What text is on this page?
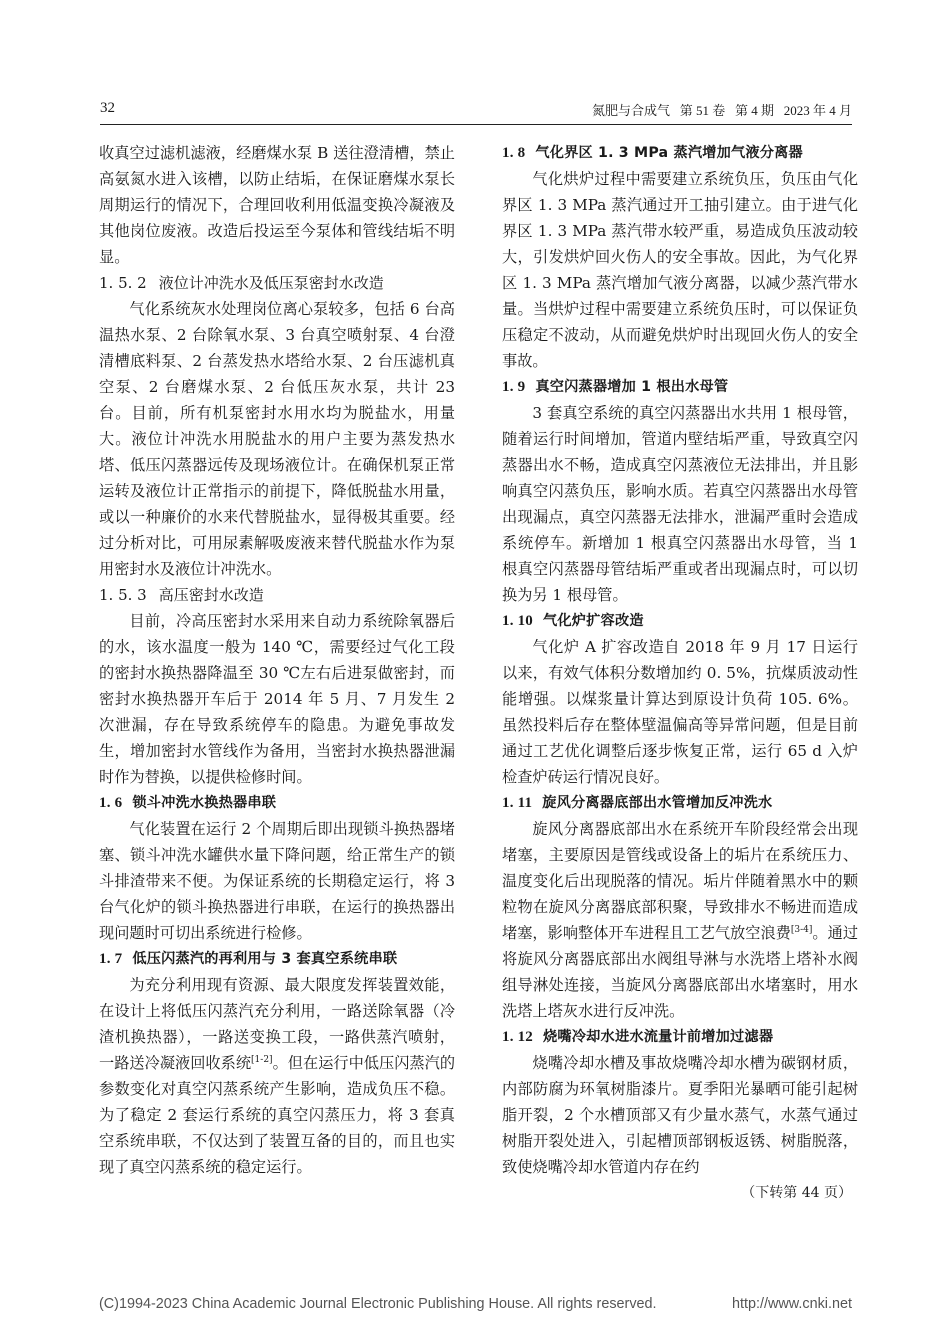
32	氮肥与合成气 第 51 卷 第 4 期 2023 年 4 月

收真空过滤机滤液，经磨煤水泵 B 送往澄清槽，禁止高氨氮水进入该槽，以防止结垢，在保证磨煤水泵长周期运行的情况下，合理回收利用低温变换冷凝液及其他岗位废液。改造后投运至今泵体和管线结垢不明显。

1. 5. 2 液位计冲洗水及低压泵密封水改造

气化系统灰水处理岗位离心泵较多，包括 6 台高温热水泵、2 台除氧水泵、3 台真空喷射泵、4 台澄清槽底料泵、2 台蒸发热水塔给水泵、2 台压滤机真空泵、2 台磨煤水泵、2 台低压灰水泵，共计 23 台。目前，所有机泵密封水用水均为脱盐水，用量大。液位计冲洗水用脱盐水的用户主要为蒸发热水塔、低压闪蒸器远传及现场液位计。在确保机泵正常运转及液位计正常指示的前提下，降低脱盐水用量，或以一种廉价的水来代替脱盐水，显得极其重要。经过分析对比，可用尿素解吸废液来替代脱盐水作为泵用密封水及液位计冲洗水。

1. 5. 3 高压密封水改造

目前，冷高压密封水采用来自动力系统除氧器后的水，该水温度一般为 140 ℃，需要经过气化工段的密封水换热器降温至 30 ℃左右后进泵做密封，而密封水换热器开车后于 2014 年 5 月、7 月发生 2 次泄漏，存在导致系统停车的隐患。为避免事故发生，增加密封水管线作为备用，当密封水换热器泄漏时作为替换，以提供检修时间。

1. 6 锁斗冲洗水换热器串联

气化装置在运行 2 个周期后即出现锁斗换热器堵塞、锁斗冲洗水罐供水量下降问题，给正常生产的锁斗排渣带来不便。为保证系统的长期稳定运行，将 3 台气化炉的锁斗换热器进行串联，在运行的换热器出现问题时可切出系统进行检修。

1. 7 低压闪蒸汽的再利用与 3 套真空系统串联

为充分利用现有资源、最大限度发挥装置效能，在设计上将低压闪蒸汽充分利用，一路送除氧器（冷渣机换热器），一路送变换工段，一路供蒸汽喷射，一路送冷凝液回收系统[1-2]。但在运行中低压闪蒸汽的参数变化对真空闪蒸系统产生影响，造成负压不稳。为了稳定 2 套运行系统的真空闪蒸压力，将 3 套真空系统串联，不仅达到了装置互备的目的，而且也实现了真空闪蒸系统的稳定运行。

1. 8 气化界区 1. 3 MPa 蒸汽增加气液分离器

气化烘炉过程中需要建立系统负压，负压由气化界区 1. 3 MPa 蒸汽通过开工抽引建立。由于进气化界区 1. 3 MPa 蒸汽带水较严重，易造成负压波动较大，引发烘炉回火伤人的安全事故。因此，为气化界区 1. 3 MPa 蒸汽增加气液分离器，以减少蒸汽带水量。当烘炉过程中需要建立系统负压时，可以保证负压稳定不波动，从而避免烘炉时出现回火伤人的安全事故。

1. 9 真空闪蒸器增加 1 根出水母管

3 套真空系统的真空闪蒸器出水共用 1 根母管，随着运行时间增加，管道内壁结垢严重，导致真空闪蒸器出水不畅，造成真空闪蒸液位无法排出，并且影响真空闪蒸负压，影响水质。若真空闪蒸器出水母管出现漏点，真空闪蒸器无法排水，泄漏严重时会造成系统停车。新增加 1 根真空闪蒸器出水母管，当 1 根真空闪蒸器母管结垢严重或者出现漏点时，可以切换为另 1 根母管。

1. 10 气化炉扩容改造

气化炉 A 扩容改造自 2018 年 9 月 17 日运行以来，有效气体积分数增加约 0. 5%，抗煤质波动性能增强。以煤浆量计算达到原设计负荷 105. 6%。虽然投料后存在整体壁温偏高等异常问题，但是目前通过工艺优化调整后逐步恢复正常，运行 65 d 入炉检查炉砖运行情况良好。

1. 11 旋风分离器底部出水管增加反冲洗水

旋风分离器底部出水在系统开车阶段经常会出现堵塞，主要原因是管线或设备上的垢片在系统压力、温度变化后出现脱落的情况。垢片伴随着黑水中的颗粒物在旋风分离器底部积聚，导致排水不畅进而造成堵塞，影响整体开车进程且工艺气放空浪费[3-4]。通过将旋风分离器底部出水阀组导淋与水洗塔上塔补水阀组导淋处连接，当旋风分离器底部出水堵塞时，用水洗塔上塔灰水进行反冲洗。

1. 12 烧嘴冷却水进水流量计前增加过滤器

烧嘴冷却水槽及事故烧嘴冷却水槽为碳钢材质，内部防腐为环氧树脂漆片。夏季阳光暴晒可能引起树脂开裂，2 个水槽顶部又有少量水蒸气，水蒸气通过树脂开裂处进入，引起槽顶部钢板返锈、树脂脱落，致使烧嘴冷却水管道内存在约

（下转第 44 页）

(C)1994-2023 China Academic Journal Electronic Publishing House. All rights reserved.	http://www.cnki.net
